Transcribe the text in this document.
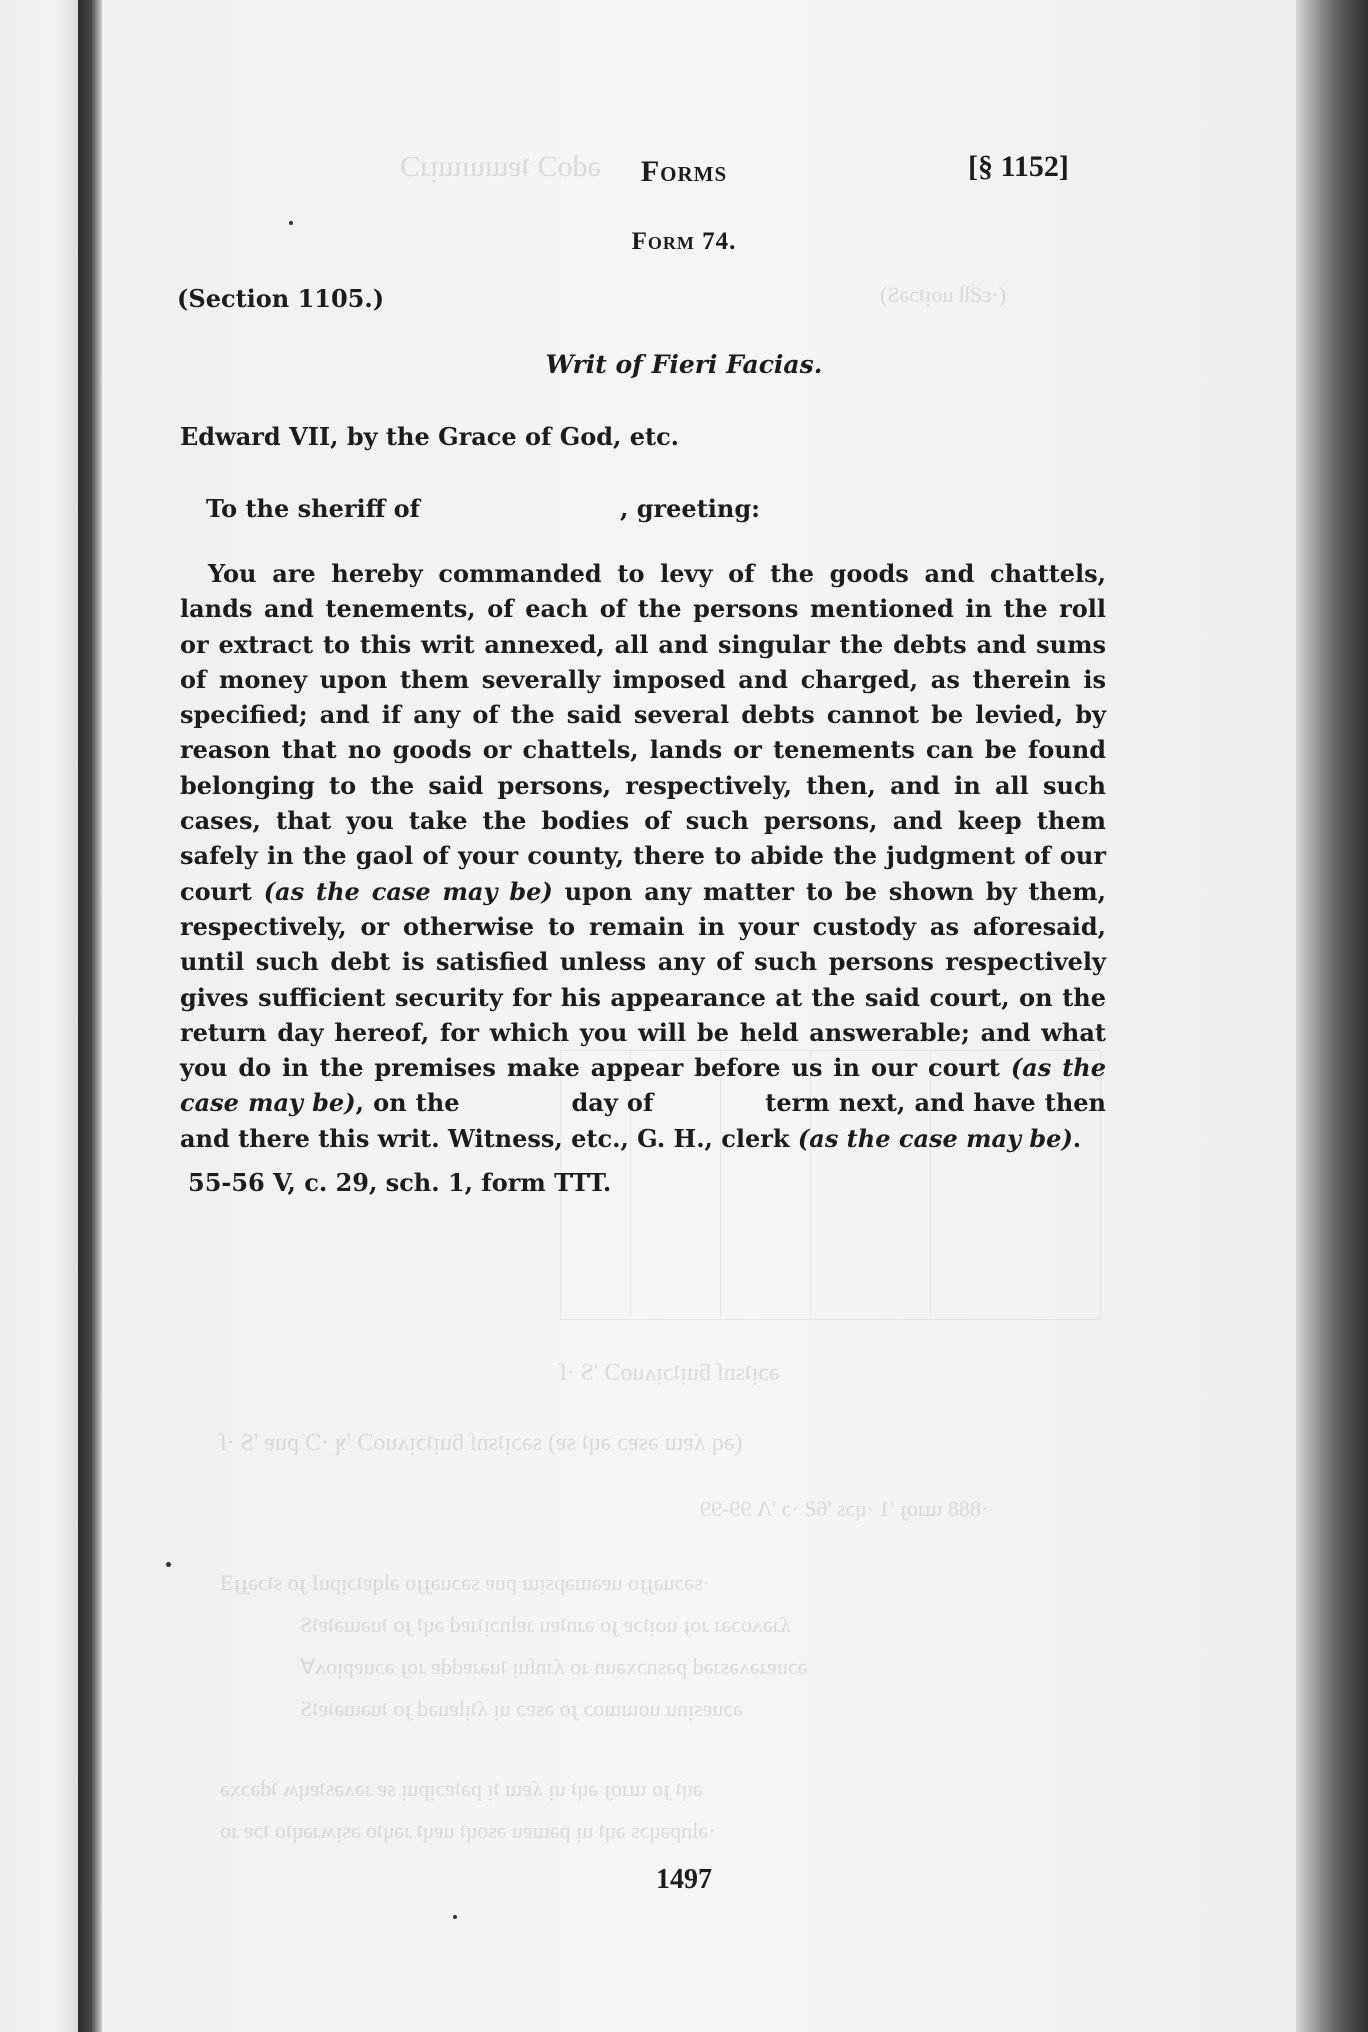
ǝdoƆ ʇɐɯuɪɯᴉɹƆ
(·ɛƧƖƖ uoᴉʇɔǝS)
ǝɔᴉʇsnſ ƃuᴉʇɔᴉʌuoƆ 'S ·ſ
(ǝq ʎɐɯ ǝsɐɔ ǝɥʇ sɐ) sǝɔᴉʇsnſ ƃuᴉʇɔᴉʌuoƆ 'ʞ ·Ɔ puɐ 'S ·ſ
·888 ɯɹoɟ '1 ·ɥɔs '6Ƨ ·ɔ 'Λ 99-99
·sǝɔuǝɟɟo uɐǝɯǝpsᴉɯ puɐ sǝɔuǝɟɟo ǝlqɐʇɔᴉpuI ɟo sʇɔǝɟɟƎ
ʎɹǝʌoɔǝɹ ɹoɟ uoᴉʇɔɐ ɟo ǝɹnʇɐu ɹɐlnɔᴉʇɹɐd ǝɥʇ ɟo ʇuǝɯǝʇɐʇS
ǝɔuɐɹǝʌǝsɹǝd pǝsnɔxǝun ɹo ʎɹnſuᴉ ʇuǝɹɐddɐ ɹoɟ ǝɔuɐpᴉoʌ∀
ǝɔuɐsᴉnu uoɯɯoɔ ɟo ǝsɐɔ uᴉ ʎʇᴉlɐuǝd ɟo ʇuǝɯǝʇɐʇS
ǝɥʇ ɟo ɯɹoɟ ǝɥʇ uᴉ ʎɐɯ ʇᴉ pǝʇɐɔᴉpuᴉ sɐ ɹǝʌǝsʇɐɥʍ ʇdǝɔxǝ
·ǝlnpǝɥɔs ǝɥʇ uᴉ pǝɯɐu ǝsoɥʇ uɐɥʇ ɹǝɥʇo ǝsᴉʍɹǝɥʇo ʇɔɐ ɹo
Forms	[§ 1152]
Form 74.
(Section 1105.)
Writ of Fieri Facias.
Edward VII, by the Grace of God, etc.
To the sheriff of	, greeting:
You are hereby commanded to levy of the goods and chattels, lands and tenements, of each of the persons mentioned in the roll or extract to this writ annexed, all and singular the debts and sums of money upon them severally imposed and charged, as therein is specified; and if any of the said several debts cannot be levied, by reason that no goods or chattels, lands or tenements can be found belonging to the said persons, respectively, then, and in all such cases, that you take the bodies of such persons, and keep them safely in the gaol of your county, there to abide the judgment of our court (as the case may be) upon any matter to be shown by them, respectively, or otherwise to remain in your custody as aforesaid, until such debt is satisfied unless any of such persons respectively gives sufficient security for his appearance at the said court, on the return day hereof, for which you will be held answerable; and what you do in the premises make appear before us in our court (as the case may be), on the	day of	term next, and have then and there this writ. Witness, etc., G. H., clerk (as the case may be).
55-56 V, c. 29, sch. 1, form TTT.
1497
